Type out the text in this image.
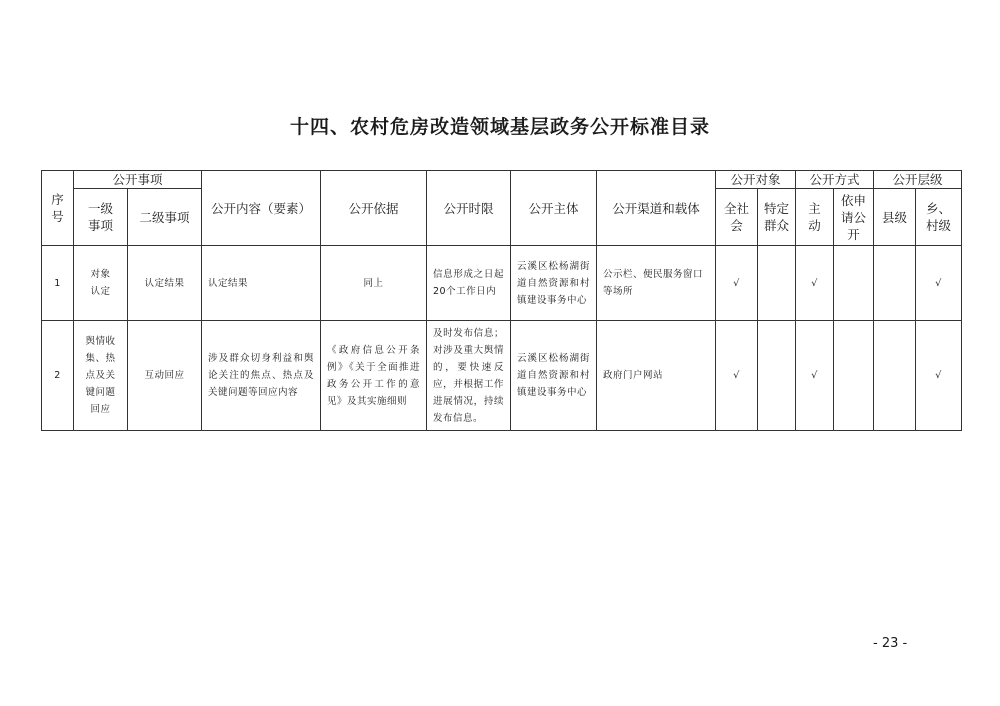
十四、农村危房改造领域基层政务公开标准目录
序号	公开事项		公开内容（要素）	公开依据	公开时限	公开主体	公开渠道和载体	公开对象		公开方式		公开层级	
	一级事项	二级事项						全社会	特定群众	主动	依申请公开	县级	乡、村级
1	对象认定	认定结果	认定结果	同上	信息形成之日起20个工作日内	云溪区松杨湖街道自然资源和村镇建设事务中心	公示栏、便民服务窗口等场所	√		√			√
2	舆情收集、热点及关键问题回应	互动回应	涉及群众切身利益和舆论关注的焦点、热点及关键问题等回应内容	《政府信息公开条例》《关于全面推进政务公开工作的意见》及其实施细则	及时发布信息；对涉及重大舆情的，要快速反应，并根据工作进展情况，持续发布信息。	云溪区松杨湖街道自然资源和村镇建设事务中心	政府门户网站	√		√			√
- 23 -
